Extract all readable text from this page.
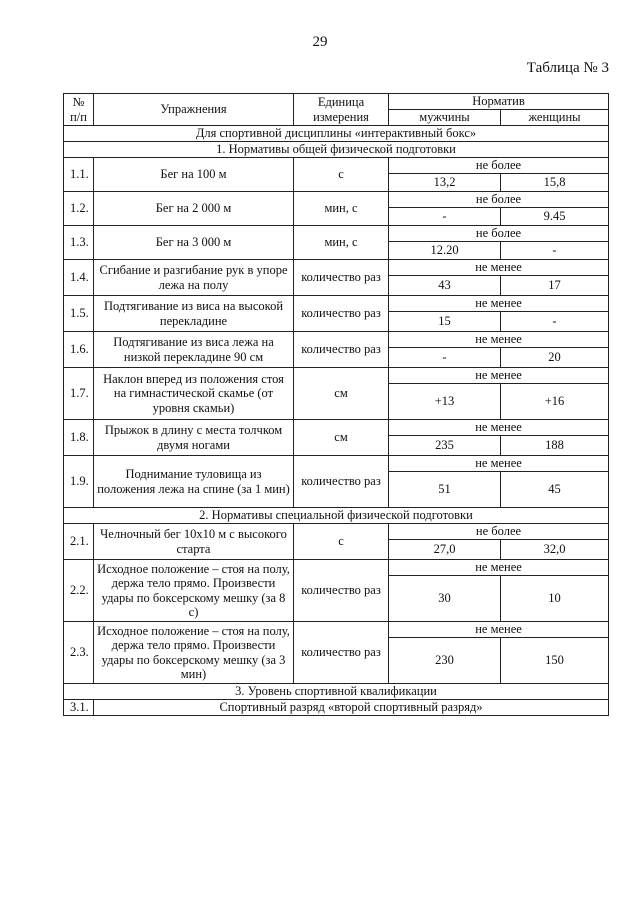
29
Таблица № 3
№ п/п	Упражнения	Единица измерения	Норматив	
			мужчины	женщины
Для спортивной дисциплины «интерактивный бокс»				
1. Нормативы общей физической подготовки				
1.1.	Бег на 100 м	с	не более	
			13,2	15,8
1.2.	Бег на 2 000 м	мин, с	не более	
			-	9.45
1.3.	Бег на 3 000 м	мин, с	не более	
			12.20	-
1.4.	Сгибание и разгибание рук в упоре лежа на полу	количество раз	не менее	
			43	17
1.5.	Подтягивание из виса на высокой перекладине	количество раз	не менее	
			15	-
1.6.	Подтягивание из виса лежа на низкой перекладине 90 см	количество раз	не менее	
			-	20
1.7.	Наклон вперед из положения стоя на гимнастической скамье (от уровня скамьи)	см	не менее	
			+13	+16
1.8.	Прыжок в длину с места толчком двумя ногами	см	не менее	
			235	188
1.9.	Поднимание туловища из положения лежа на спине (за 1 мин)	количество раз	не менее	
			51	45
2. Нормативы специальной физической подготовки				
2.1.	Челночный бег 10x10 м с высокого старта	с	не более	
			27,0	32,0
2.2.	Исходное положение – стоя на полу, держа тело прямо. Произвести удары по боксерскому мешку (за 8 с)	количество раз	не менее	
			30	10
2.3.	Исходное положение – стоя на полу, держа тело прямо. Произвести удары по боксерскому мешку (за 3 мин)	количество раз	не менее	
			230	150
3. Уровень спортивной квалификации				
3.1.	Спортивный разряд «второй спортивный разряд»			
